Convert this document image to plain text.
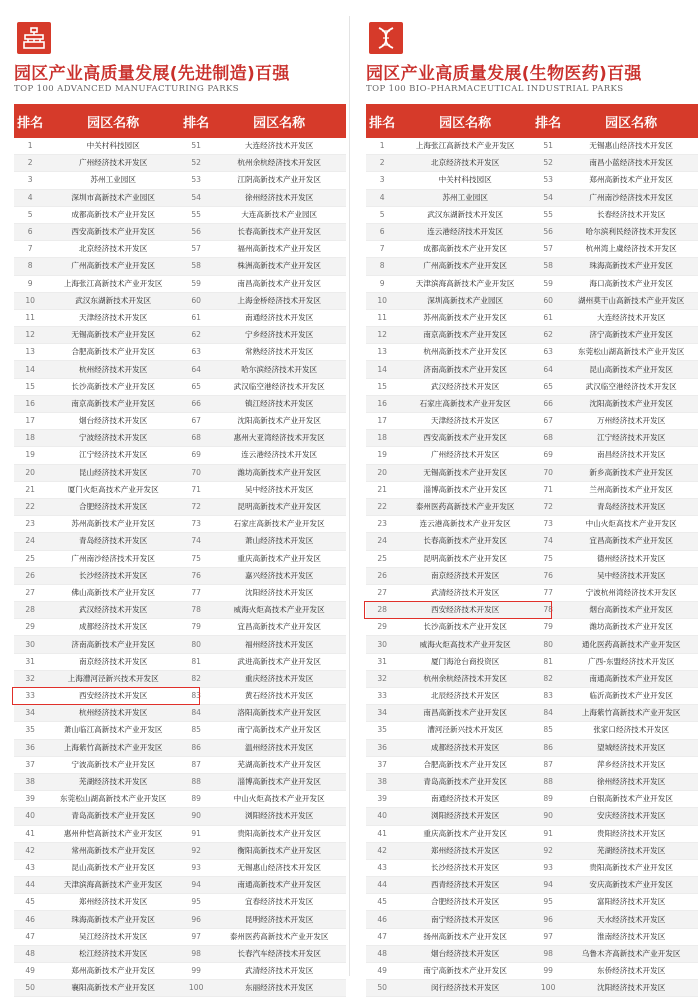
园区产业高质量发展(先进制造)百强
TOP 100 ADVANCED MANUFACTURING PARKS
排名	园区名称	排名	园区名称
1	中关村科技园区	51	大连经济技术开发区
2	广州经济技术开发区	52	杭州余杭经济技术开发区
3	苏州工业园区	53	江阴高新技术产业开发区
4	深圳市高新技术产业园区	54	徐州经济技术开发区
5	成都高新技术产业开发区	55	大连高新技术产业园区
6	西安高新技术产业开发区	56	长春高新技术产业开发区
7	北京经济技术开发区	57	福州高新技术产业开发区
8	广州高新技术产业开发区	58	株洲高新技术产业开发区
9	上海张江高新技术产业开发区	59	南昌高新技术产业开发区
10	武汉东湖新技术开发区	60	上海金桥经济技术开发区
11	天津经济技术开发区	61	南通经济技术开发区
12	无锡高新技术产业开发区	62	宁乡经济技术开发区
13	合肥高新技术产业开发区	63	常熟经济技术开发区
14	杭州经济技术开发区	64	哈尔滨经济技术开发区
15	长沙高新技术产业开发区	65	武汉临空港经济技术开发区
16	南京高新技术产业开发区	66	镇江经济技术开发区
17	烟台经济技术开发区	67	沈阳高新技术产业开发区
18	宁波经济技术开发区	68	惠州大亚湾经济技术开发区
19	江宁经济技术开发区	69	连云港经济技术开发区
20	昆山经济技术开发区	70	潍坊高新技术产业开发区
21	厦门火炬高技术产业开发区	71	吴中经济技术开发区
22	合肥经济技术开发区	72	昆明高新技术产业开发区
23	苏州高新技术产业开发区	73	石家庄高新技术产业开发区
24	青岛经济技术开发区	74	萧山经济技术开发区
25	广州南沙经济技术开发区	75	重庆高新技术产业开发区
26	长沙经济技术开发区	76	嘉兴经济技术开发区
27	佛山高新技术产业开发区	77	沈阳经济技术开发区
28	武汉经济技术开发区	78	威海火炬高技术产业开发区
29	成都经济技术开发区	79	宜昌高新技术产业开发区
30	济南高新技术产业开发区	80	福州经济技术开发区
31	南京经济技术开发区	81	武进高新技术产业开发区
32	上海漕河泾新兴技术开发区	82	重庆经济技术开发区
33	西安经济技术开发区	83	黄石经济技术开发区
34	杭州经济技术开发区	84	洛阳高新技术产业开发区
35	萧山临江高新技术产业开发区	85	南宁高新技术产业开发区
36	上海紫竹高新技术产业开发区	86	温州经济技术开发区
37	宁波高新技术产业开发区	87	芜湖高新技术产业开发区
38	芜湖经济技术开发区	88	淄博高新技术产业开发区
39	东莞松山湖高新技术产业开发区	89	中山火炬高技术产业开发区
40	青岛高新技术产业开发区	90	浏阳经济技术开发区
41	惠州仲恺高新技术产业开发区	91	贵阳高新技术产业开发区
42	常州高新技术产业开发区	92	衡阳高新技术产业开发区
43	昆山高新技术产业开发区	93	无锡惠山经济技术开发区
44	天津滨海高新技术产业开发区	94	南通高新技术产业开发区
45	郑州经济技术开发区	95	宜春经济技术开发区
46	珠海高新技术产业开发区	96	昆明经济技术开发区
47	吴江经济技术开发区	97	泰州医药高新技术产业开发区
48	松江经济技术开发区	98	长春汽车经济技术开发区
49	郑州高新技术产业开发区	99	武清经济技术开发区
50	襄阳高新技术产业开发区	100	东丽经济技术开发区
园区产业高质量发展(生物医药)百强
TOP 100 BIO-PHARMACEUTICAL INDUSTRIAL PARKS
排名	园区名称	排名	园区名称
1	上海张江高新技术产业开发区	51	无锡惠山经济技术开发区
2	北京经济技术开发区	52	南昌小蓝经济技术开发区
3	中关村科技园区	53	郑州高新技术产业开发区
4	苏州工业园区	54	广州南沙经济技术开发区
5	武汉东湖新技术开发区	55	长春经济技术开发区
6	连云港经济技术开发区	56	哈尔滨利民经济技术开发区
7	成都高新技术产业开发区	57	杭州湾上虞经济技术开发区
8	广州高新技术产业开发区	58	珠海高新技术产业开发区
9	天津滨海高新技术产业开发区	59	海口高新技术产业开发区
10	深圳高新技术产业园区	60	湖州莫干山高新技术产业开发区
11	苏州高新技术产业开发区	61	大连经济技术开发区
12	南京高新技术产业开发区	62	济宁高新技术产业开发区
13	杭州高新技术产业开发区	63	东莞松山湖高新技术产业开发区
14	济南高新技术产业开发区	64	昆山高新技术产业开发区
15	武汉经济技术开发区	65	武汉临空港经济技术开发区
16	石家庄高新技术产业开发区	66	沈阳高新技术产业开发区
17	天津经济技术开发区	67	万州经济技术开发区
18	西安高新技术产业开发区	68	江宁经济技术开发区
19	广州经济技术开发区	69	南昌经济技术开发区
20	无锡高新技术产业开发区	70	新乡高新技术产业开发区
21	淄博高新技术产业开发区	71	兰州高新技术产业开发区
22	泰州医药高新技术产业开发区	72	青岛经济技术开发区
23	连云港高新技术产业开发区	73	中山火炬高技术产业开发区
24	长春高新技术产业开发区	74	宜昌高新技术产业开发区
25	昆明高新技术产业开发区	75	德州经济技术开发区
26	南京经济技术开发区	76	吴中经济技术开发区
27	武清经济技术开发区	77	宁波杭州湾经济技术开发区
28	西安经济技术开发区	78	烟台高新技术产业开发区
29	长沙高新技术产业开发区	79	潍坊高新技术产业开发区
30	威海火炬高技术产业开发区	80	通化医药高新技术产业开发区
31	厦门海沧台商投资区	81	广西-东盟经济技术开发区
32	杭州余杭经济技术开发区	82	南通高新技术产业开发区
33	北辰经济技术开发区	83	临沂高新技术产业开发区
34	南昌高新技术产业开发区	84	上海紫竹高新技术产业开发区
35	漕河泾新兴技术开发区	85	张家口经济技术开发区
36	成都经济技术开发区	86	望城经济技术开发区
37	合肥高新技术产业开发区	87	萍乡经济技术开发区
38	青岛高新技术产业开发区	88	徐州经济技术开发区
39	南通经济技术开发区	89	白银高新技术产业开发区
40	浏阳经济技术开发区	90	安庆经济技术开发区
41	重庆高新技术产业开发区	91	贵阳经济技术开发区
42	郑州经济技术开发区	92	芜湖经济技术开发区
43	长沙经济技术开发区	93	贵阳高新技术产业开发区
44	西青经济技术开发区	94	安庆高新技术产业开发区
45	合肥经济技术开发区	95	富阳经济技术开发区
46	南宁经济技术开发区	96	天水经济技术开发区
47	扬州高新技术产业开发区	97	淮南经济技术开发区
48	烟台经济技术开发区	98	乌鲁木齐高新技术产业开发区
49	南宁高新技术产业开发区	99	东侨经济技术开发区
50	闵行经济技术开发区	100	沈阳经济技术开发区
